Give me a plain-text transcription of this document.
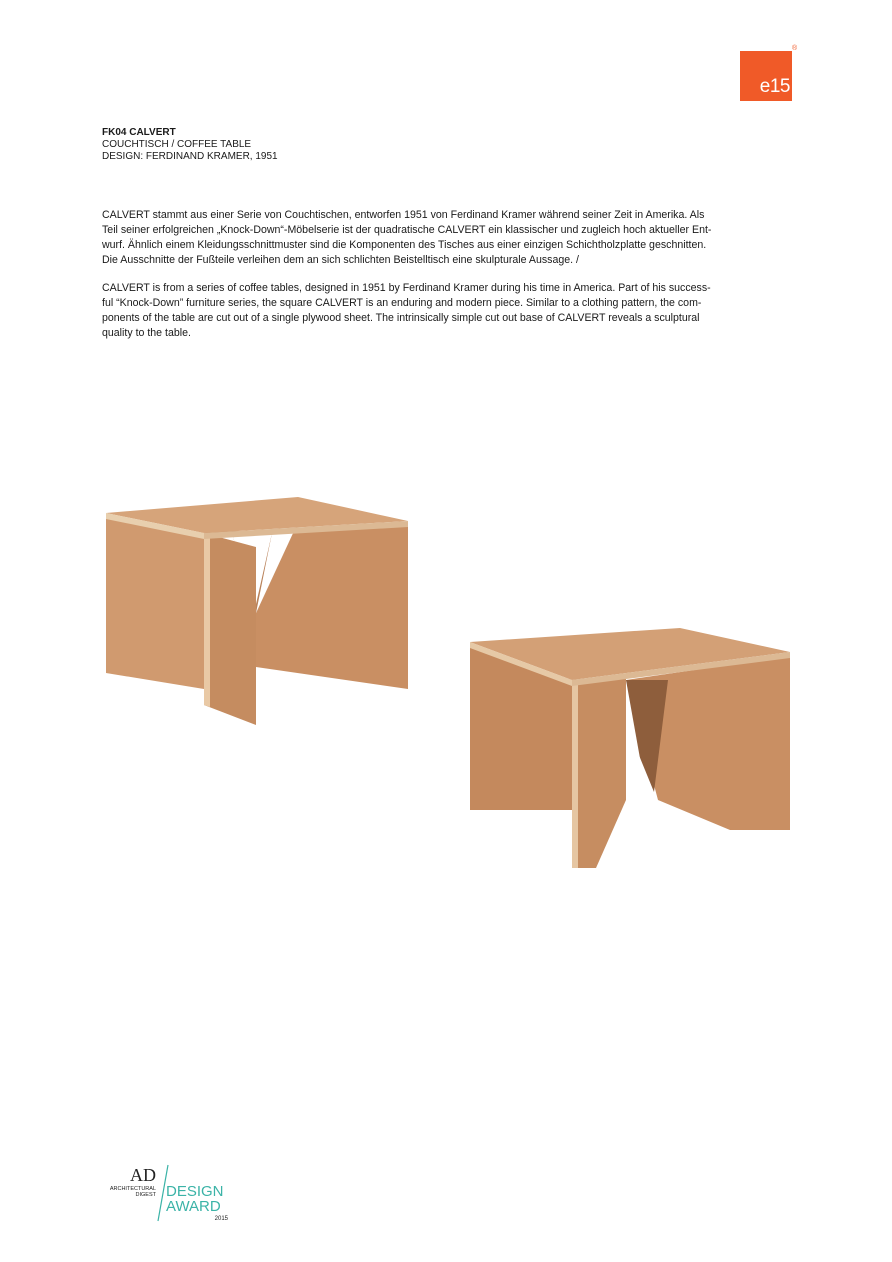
e15
®
FK04 CALVERT
COUCHTISCH / COFFEE TABLE
DESIGN: FERDINAND KRAMER, 1951
CALVERT stammt aus einer Serie von Couchtischen, entworfen 1951 von Ferdinand Kramer während seiner Zeit in Amerika. Als
Teil seiner erfolgreichen „Knock-Down“-Möbelserie ist der quadratische CALVERT ein klassischer und zugleich hoch aktueller Ent-
wurf. Ähnlich einem Kleidungsschnittmuster sind die Komponenten des Tisches aus einer einzigen Schichtholzplatte geschnitten.
Die Ausschnitte der Fußteile verleihen dem an sich schlichten Beistelltisch eine skulpturale Aussage. /
CALVERT is from a series of coffee tables, designed in 1951 by Ferdinand Kramer during his time in America. Part of his success-
ful “Knock-Down” furniture series, the square CALVERT is an enduring and modern piece. Similar to a clothing pattern, the com-
ponents of the table are cut out of a single plywood sheet. The intrinsically simple cut out base of CALVERT reveals a sculptural
quality to the table.
AD
ARCHITECTURAL
DIGEST DESIGN
AWARD
2015
